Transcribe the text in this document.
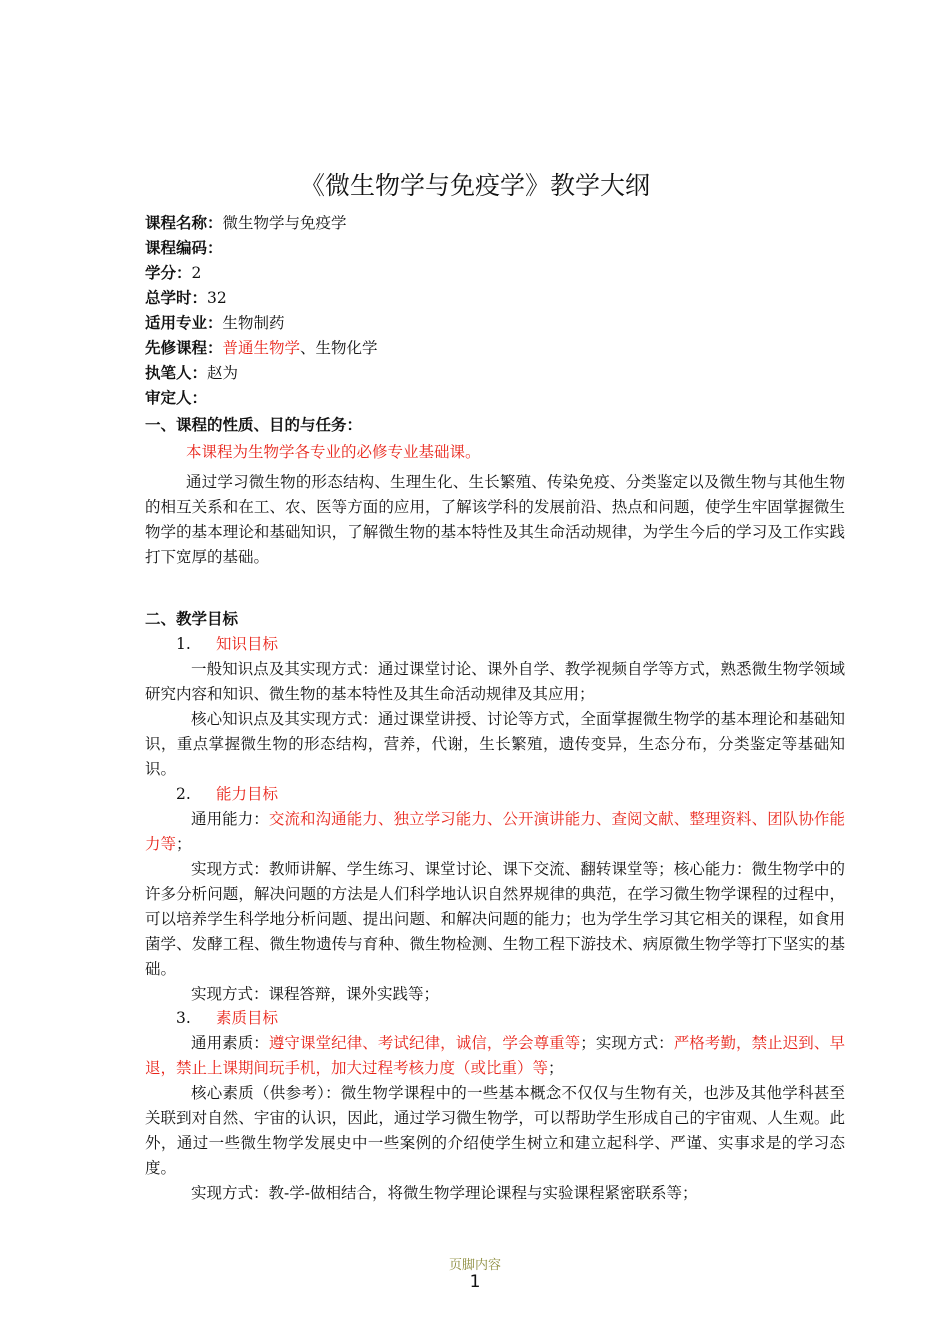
《微生物学与免疫学》教学大纲
课程名称：微生物学与免疫学
课程编码：
学分：2
总学时：32
适用专业：生物制药
先修课程：普通生物学、生物化学
执笔人：赵为
审定人：
一、课程的性质、目的与任务：
本课程为生物学各专业的必修专业基础课。
通过学习微生物的形态结构、生理生化、生长繁殖、传染免疫、分类鉴定以及微生物与其他生物的相互关系和在工、农、医等方面的应用，了解该学科的发展前沿、热点和问题，使学生牢固掌握微生物学的基本理论和基础知识，了解微生物的基本特性及其生命活动规律，为学生今后的学习及工作实践打下宽厚的基础。
二、教学目标
1. 知识目标
一般知识点及其实现方式：通过课堂讨论、课外自学、教学视频自学等方式，熟悉微生物学领域研究内容和知识、微生物的基本特性及其生命活动规律及其应用；
核心知识点及其实现方式：通过课堂讲授、讨论等方式，全面掌握微生物学的基本理论和基础知识，重点掌握微生物的形态结构，营养，代谢，生长繁殖，遗传变异，生态分布，分类鉴定等基础知识。
2. 能力目标
通用能力：交流和沟通能力、独立学习能力、公开演讲能力、查阅文献、整理资料、团队协作能力等；
实现方式：教师讲解、学生练习、课堂讨论、课下交流、翻转课堂等；核心能力：微生物学中的许多分析问题，解决问题的方法是人们科学地认识自然界规律的典范，在学习微生物学课程的过程中，可以培养学生科学地分析问题、提出问题、和解决问题的能力；也为学生学习其它相关的课程，如食用菌学、发酵工程、微生物遗传与育种、微生物检测、生物工程下游技术、病原微生物学等打下坚实的基础。
实现方式：课程答辩，课外实践等；
3. 素质目标
通用素质：遵守课堂纪律、考试纪律，诚信，学会尊重等；实现方式：严格考勤，禁止迟到、早退，禁止上课期间玩手机，加大过程考核力度（或比重）等；
核心素质（供参考）：微生物学课程中的一些基本概念不仅仅与生物有关，也涉及其他学科甚至关联到对自然、宇宙的认识，因此，通过学习微生物学，可以帮助学生形成自己的宇宙观、人生观。此外，通过一些微生物学发展史中一些案例的介绍使学生树立和建立起科学、严谨、实事求是的学习态度。
实现方式：教-学-做相结合，将微生物学理论课程与实验课程紧密联系等；
页脚内容
1
